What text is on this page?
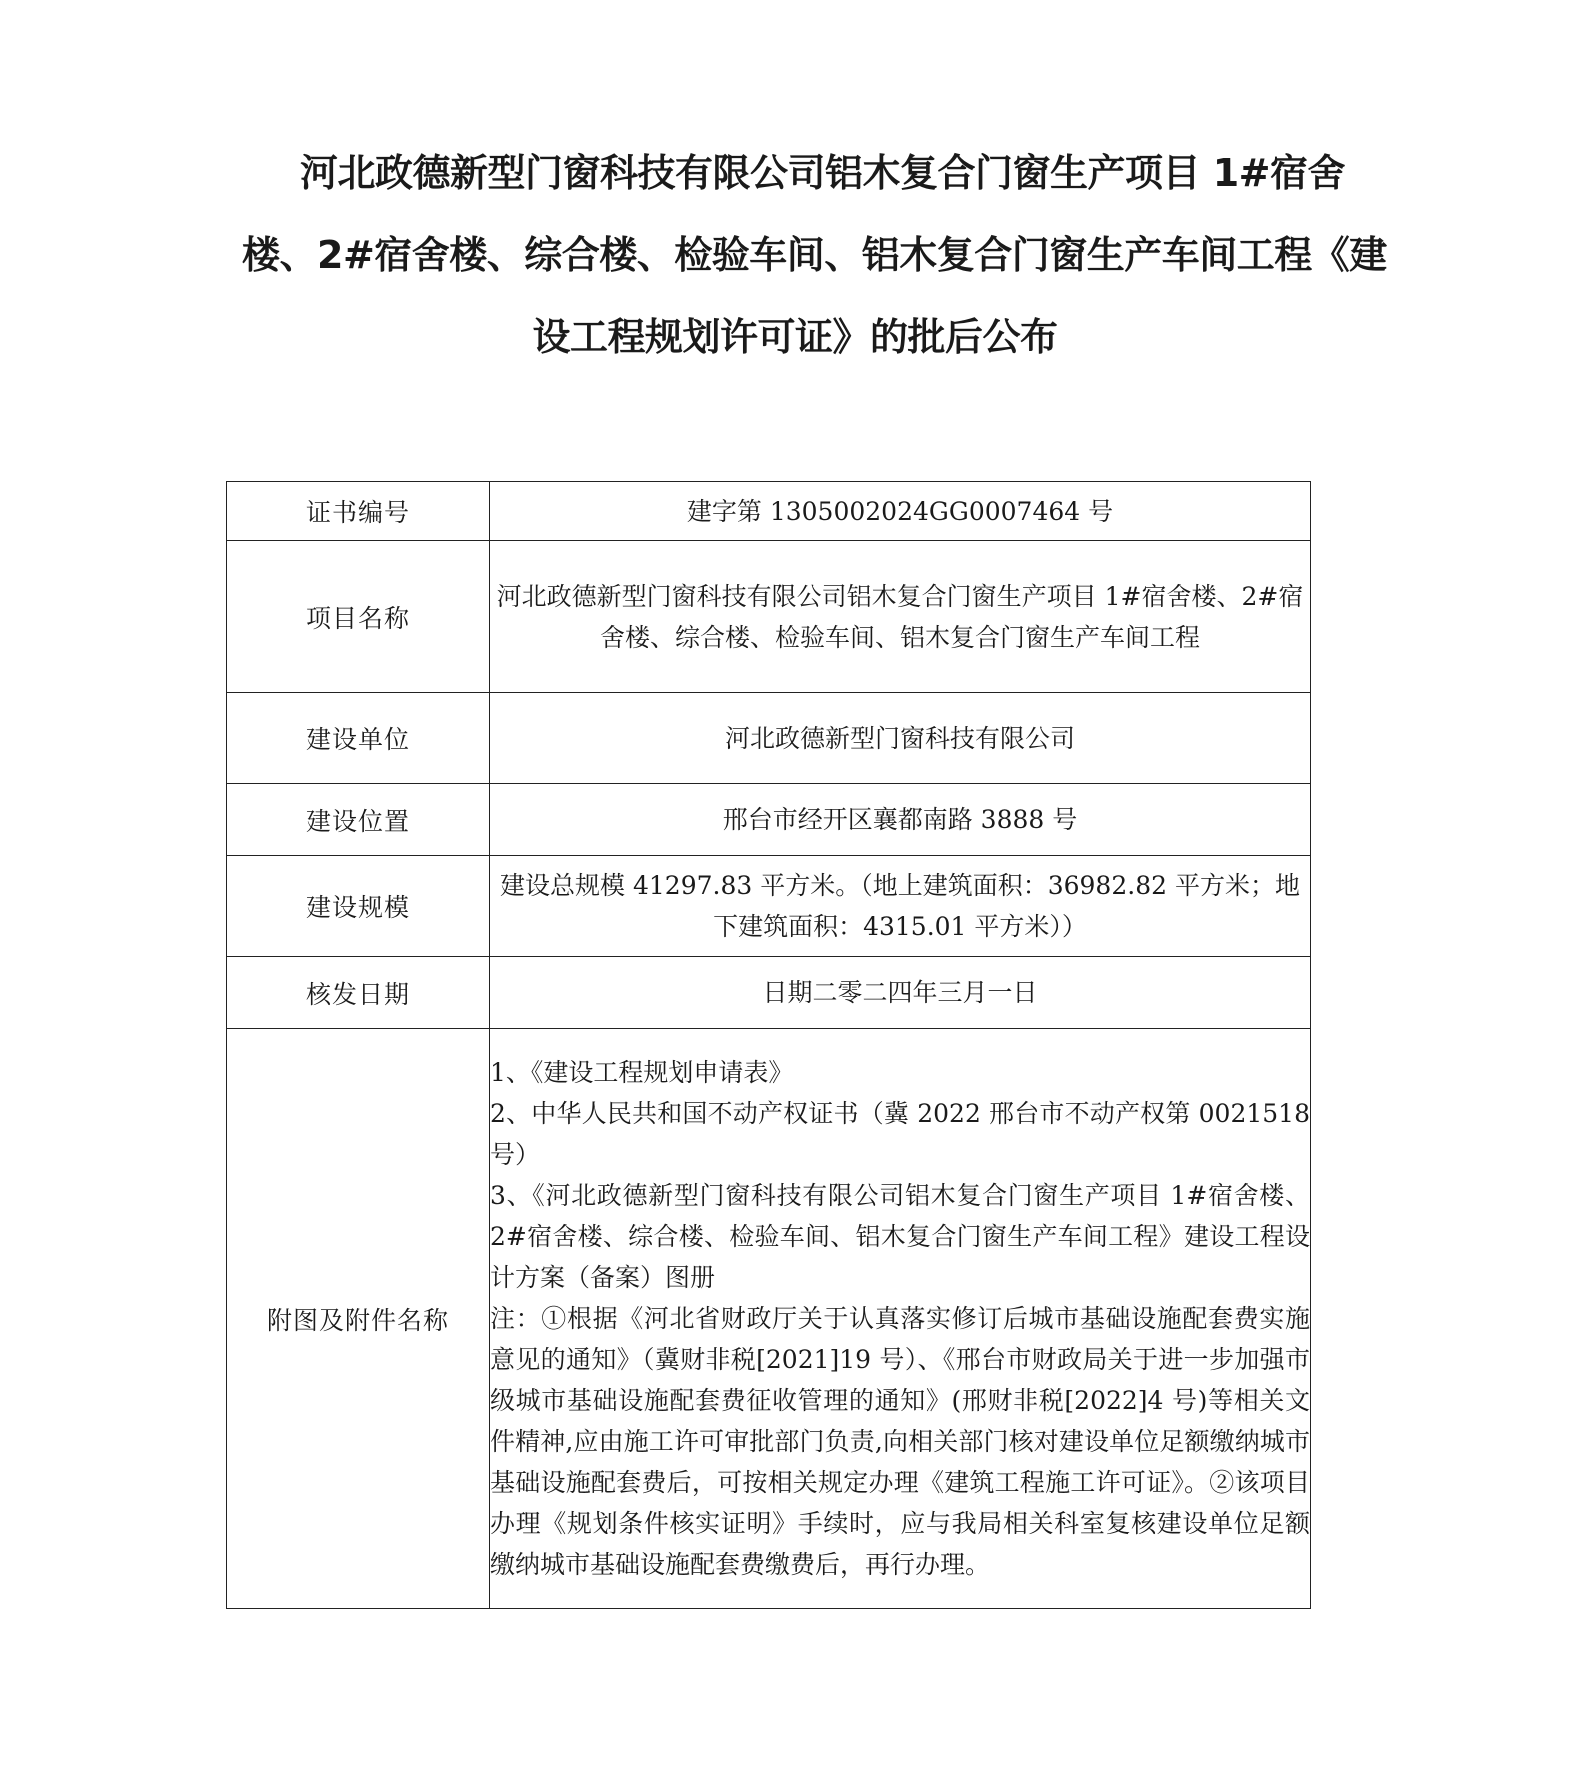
河北政德新型门窗科技有限公司铝木复合门窗生产项目 1#宿舍
楼、2#宿舍楼、综合楼、检验车间、铝木复合门窗生产车间工程《建
设工程规划许可证》的批后公布
证书编号	建字第 1305002024GG0007464 号
项目名称	河北政德新型门窗科技有限公司铝木复合门窗生产项目 1#宿舍楼、2#宿舍楼、综合楼、检验车间、铝木复合门窗生产车间工程
建设单位	河北政德新型门窗科技有限公司
建设位置	邢台市经开区襄都南路 3888 号
建设规模	建设总规模 41297.83 平方米。（地上建筑面积：36982.82 平方米；地下建筑面积：4315.01 平方米））
核发日期	日期二零二四年三月一日
附图及附件名称	1、《建设工程规划申请表》
2、中华人民共和国不动产权证书（冀 2022 邢台市不动产权第 0021518 号）
3、《河北政德新型门窗科技有限公司铝木复合门窗生产项目 1#宿舍楼、2#宿舍楼、综合楼、检验车间、铝木复合门窗生产车间工程》建设工程设计方案（备案）图册
注：①根据《河北省财政厅关于认真落实修订后城市基础设施配套费实施意见的通知》（冀财非税[2021]19 号）、《邢台市财政局关于进一步加强市级城市基础设施配套费征收管理的通知》(邢财非税[2022]4 号)等相关文件精神,应由施工许可审批部门负责,向相关部门核对建设单位足额缴纳城市基础设施配套费后，可按相关规定办理《建筑工程施工许可证》。②该项目办理《规划条件核实证明》手续时，应与我局相关科室复核建设单位足额缴纳城市基础设施配套费缴费后，再行办理。
